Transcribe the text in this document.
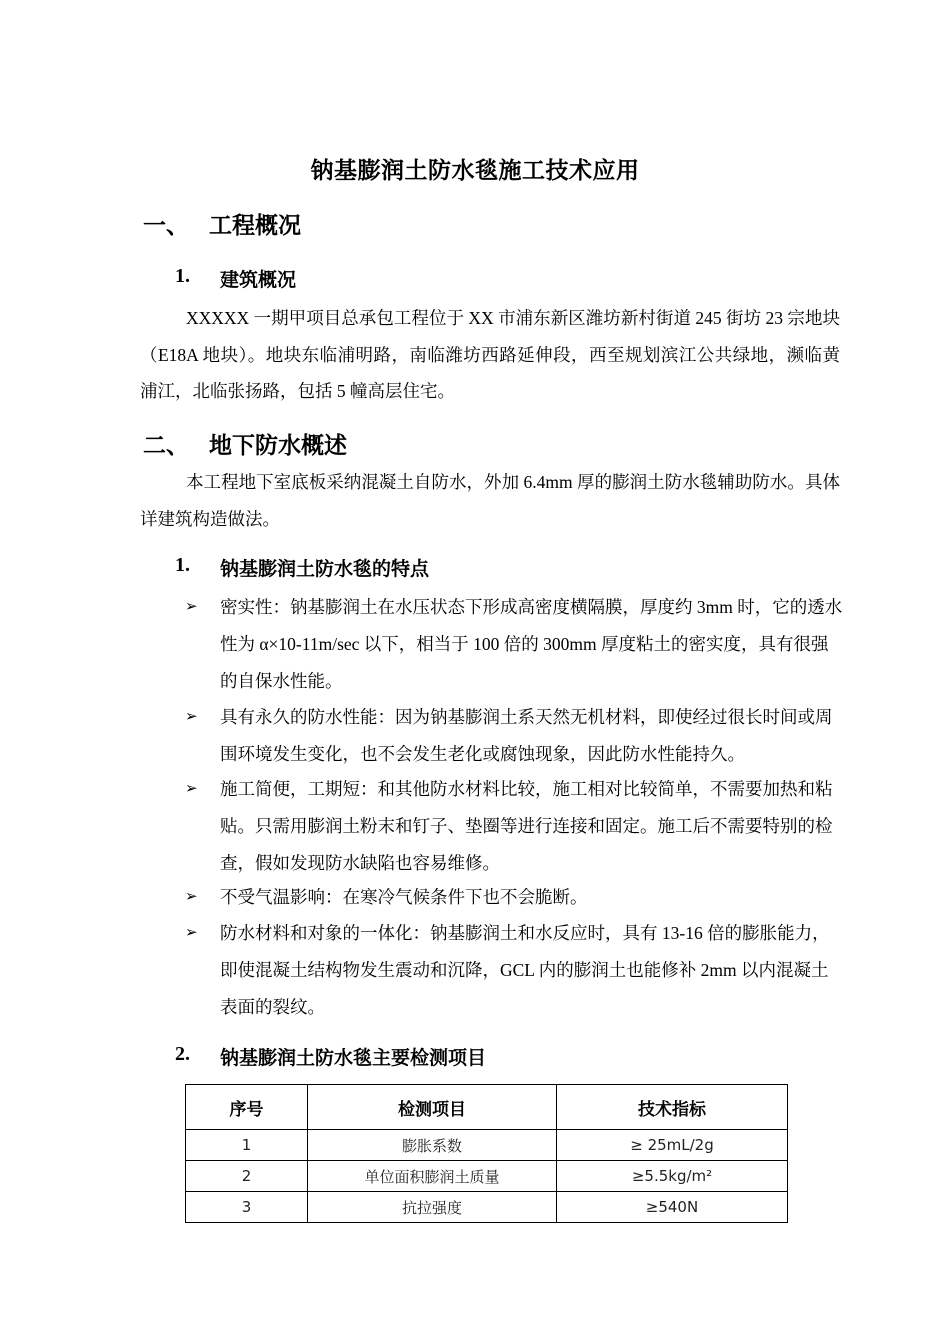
钠基膨润土防水毯施工技术应用
一、 工程概况
1. 建筑概况
XXXXX 一期甲项目总承包工程位于 XX 市浦东新区潍坊新村街道 245 街坊 23 宗地块（E18A 地块）。地块东临浦明路，南临潍坊西路延伸段，西至规划滨江公共绿地，濒临黄浦江，北临张扬路，包括 5 幢高层住宅。
二、 地下防水概述
本工程地下室底板采纳混凝土自防水，外加 6.4mm 厚的膨润土防水毯辅助防水。具体详建筑构造做法。
1. 钠基膨润土防水毯的特点
➢ 密实性：钠基膨润土在水压状态下形成高密度横隔膜，厚度约 3mm 时，它的透水性为 α×10-11m/sec 以下，相当于 100 倍的 300mm 厚度粘土的密实度，具有很强的自保水性能。
➢ 具有永久的防水性能：因为钠基膨润土系天然无机材料，即使经过很长时间或周围环境发生变化，也不会发生老化或腐蚀现象，因此防水性能持久。
➢ 施工简便，工期短：和其他防水材料比较，施工相对比较简单，不需要加热和粘贴。只需用膨润土粉末和钉子、垫圈等进行连接和固定。施工后不需要特别的检查，假如发现防水缺陷也容易维修。
➢ 不受气温影响：在寒冷气候条件下也不会脆断。
➢ 防水材料和对象的一体化：钠基膨润土和水反应时，具有 13-16 倍的膨胀能力，即使混凝土结构物发生震动和沉降，GCL 内的膨润土也能修补 2mm 以内混凝土表面的裂纹。
2. 钠基膨润土防水毯主要检测项目
序号	检测项目	技术指标
1	膨胀系数	≥ 25mL/2g
2	单位面积膨润土质量	≥5.5kg/m²
3	抗拉强度	≥540N
